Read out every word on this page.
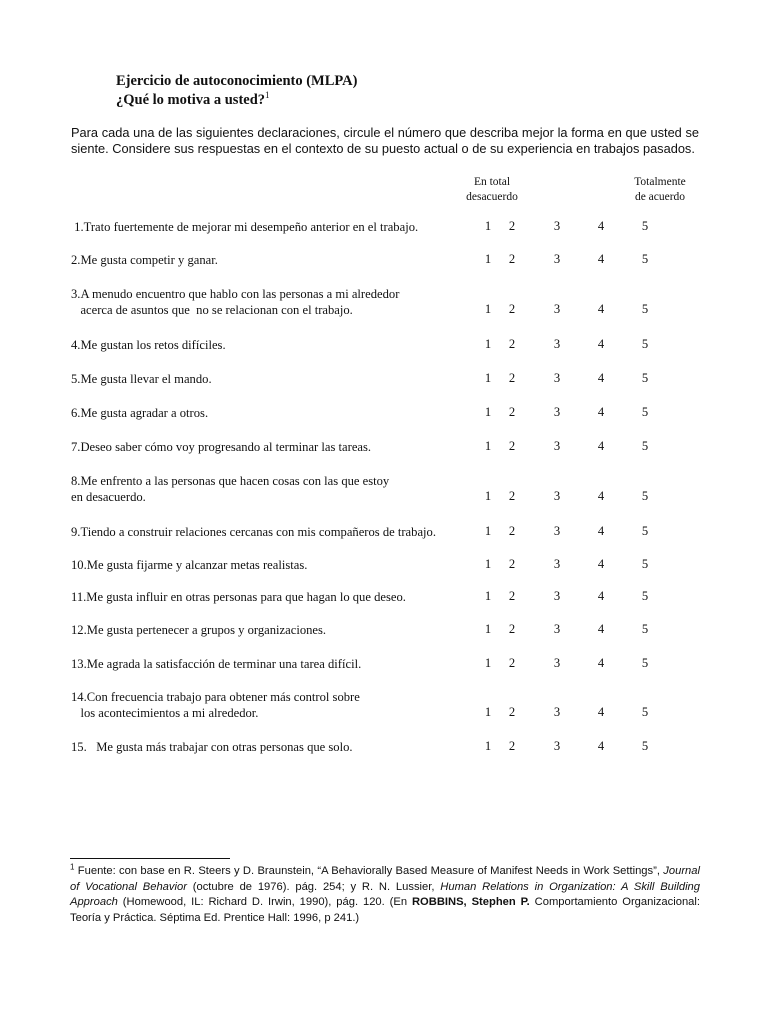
Ejercicio de autoconocimiento (MLPA)
¿Qué lo motiva a usted?$^1$
Para cada una de las siguientes declaraciones, circule el número que describa mejor la forma en que usted se siente. Considere sus respuestas en el contexto de su puesto actual o de su experiencia en trabajos pasados.
En total
desacuerdo
Totalmente
de acuerdo
1.Trato fuertemente de mejorar mi desempeño anterior en el trabajo.	1	2	3	4	5
2.Me gusta competir y ganar.	1	2	3	4	5
3.A menudo encuentro que hablo con las personas a mi alrededor
acerca de asuntos que  no se relacionan con el trabajo.	1	2	3	4	5
4.Me gustan los retos difíciles.	1	2	3	4	5
5.Me gusta llevar el mando.	1	2	3	4	5
6.Me gusta agradar a otros.	1	2	3	4	5
7.Deseo saber cómo voy progresando al terminar las tareas.	1	2	3	4	5
8.Me enfrento a las personas que hacen cosas con las que estoy
en desacuerdo.	1	2	3	4	5
9.Tiendo a construir relaciones cercanas con mis compañeros de trabajo.	1	2	3	4	5
10.Me gusta fijarme y alcanzar metas realistas.	1	2	3	4	5
11.Me gusta influir en otras personas para que hagan lo que deseo.	1	2	3	4	5
12.Me gusta pertenecer a grupos y organizaciones.	1	2	3	4	5
13.Me agrada la satisfacción de terminar una tarea difícil.	1	2	3	4	5
14.Con frecuencia trabajo para obtener más control sobre
los acontecimientos a mi alrededor.	1	2	3	4	5
15.   Me gusta más trabajar con otras personas que solo.	1	2	3	4	5
$^1$ Fuente: con base en R. Steers y D. Braunstein, “A Behaviorally Based Measure of Manifest Needs in Work Settings”, Journal of Vocational Behavior (octubre de 1976). pág. 254; y R. N. Lussier, Human Relations in Organization: A Skill Building Approach (Homewood, IL: Richard D. Irwin, 1990), pág. 120. (En ROBBINS, Stephen P. Comportamiento Organizacional: Teoría y Práctica. Séptima Ed. Prentice Hall: 1996, p 241.)
